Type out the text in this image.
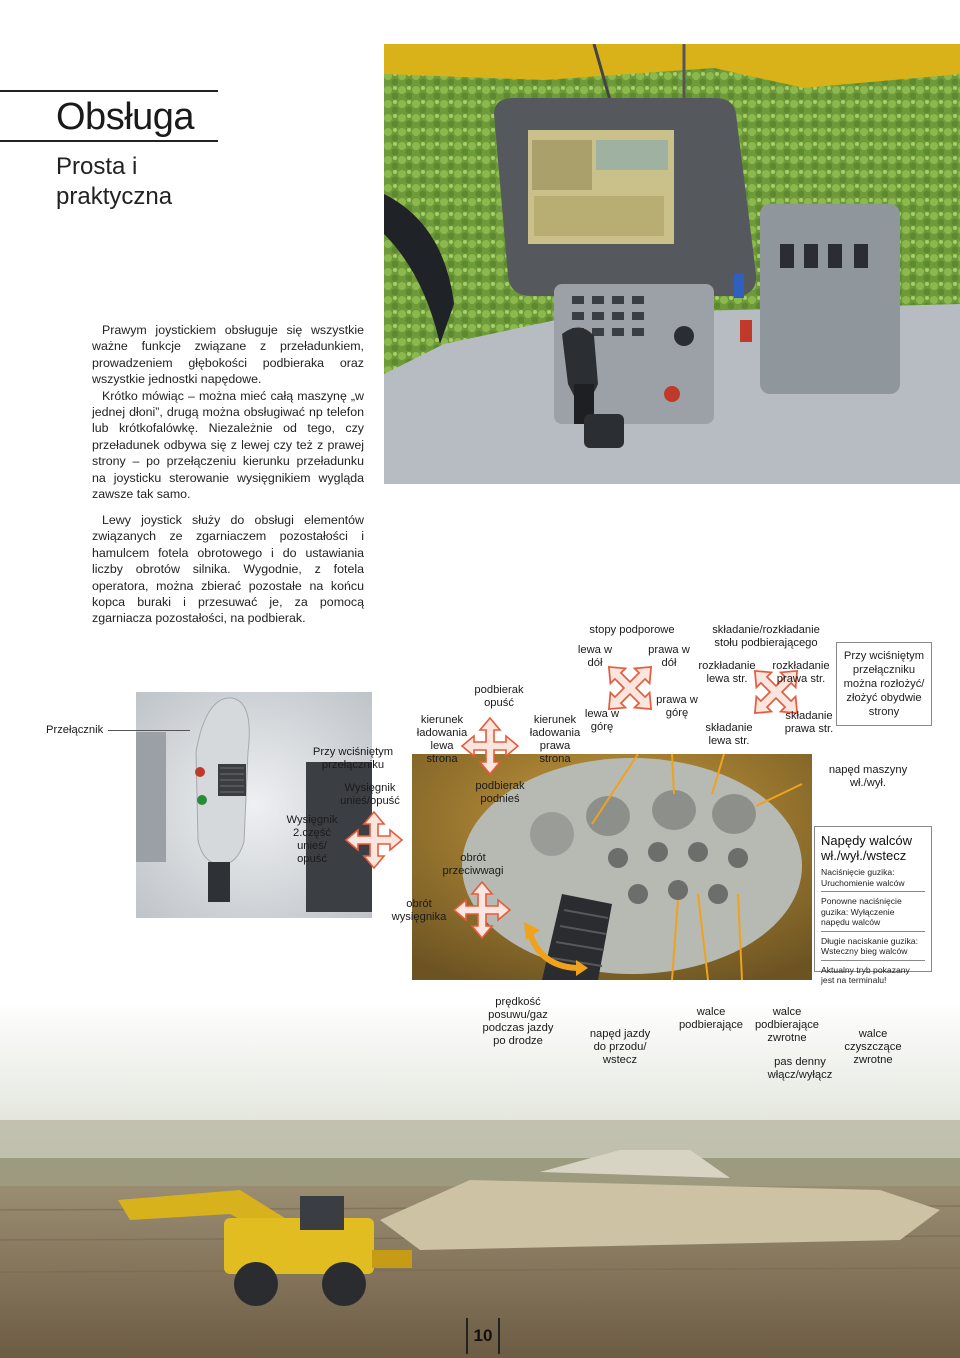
Obsługa
Prosta i praktyczna

Prawym joystickiem obsługuje się wszystkie ważne funkcje związane z przeładunkiem, prowadzeniem głębokości podbieraka oraz wszystkie jednostki napędowe.

Krótko mówiąc – można mieć całą maszynę „w jednej dłoni”, drugą można obsługiwać np telefon lub krótkofalówkę. Niezależnie od tego, czy przeładunek odbywa się z lewej czy też z prawej strony – po przełączeniu kierunku przeładunku na joysticku sterowanie wysięgnikiem wygląda zawsze tak samo.

Lewy joystick służy do obsługi elementów związanych ze zgarniaczem pozostałości i hamulcem fotela obrotowego i do ustawiania liczby obrotów silnika. Wygodnie, z fotela operatora, można zbierać pozostałe na końcu kopca buraki i przesuwać je, za pomocą zgarniacza pozostałości, na podbierak.

Przełącznik
Przy wciśniętym przełączniku
Wysięgnik unieś/opuść
Wysięgnik 2.część unieś/ opuść
obrót wysięgnika
kierunek ładowania lewa strona
podbierak opuść
kierunek ładowania prawa strona
podbierak podnieś
obrót przeciwwagi
stopy podporowe
lewa w dół
prawa w dół
lewa w górę
prawa w górę
składanie/rozkładanie stołu podbierającego
rozkładanie lewa str.
rozkładanie prawa str.
składanie lewa str.
składanie prawa str.
napęd maszyny wł./wył.
Przy wciśniętym przełączniku można rozłożyć/ złożyć obydwie strony
Napędy walców wł./wył./wstecz
Naciśnięcie guzika: Uruchomienie walców
Ponowne naciśnięcie guzika: Wyłączenie napędu walców
Długie naciskanie guzika: Wsteczny bieg walców
Aktualny tryb pokazany jest na terminalu!
prędkość posuwu/gaz podczas jazdy po drodze
napęd jazdy do przodu/ wstecz
walce podbierające
walce podbierające zwrotne
pas denny włącz/wyłącz
walce czyszczące zwrotne
10
